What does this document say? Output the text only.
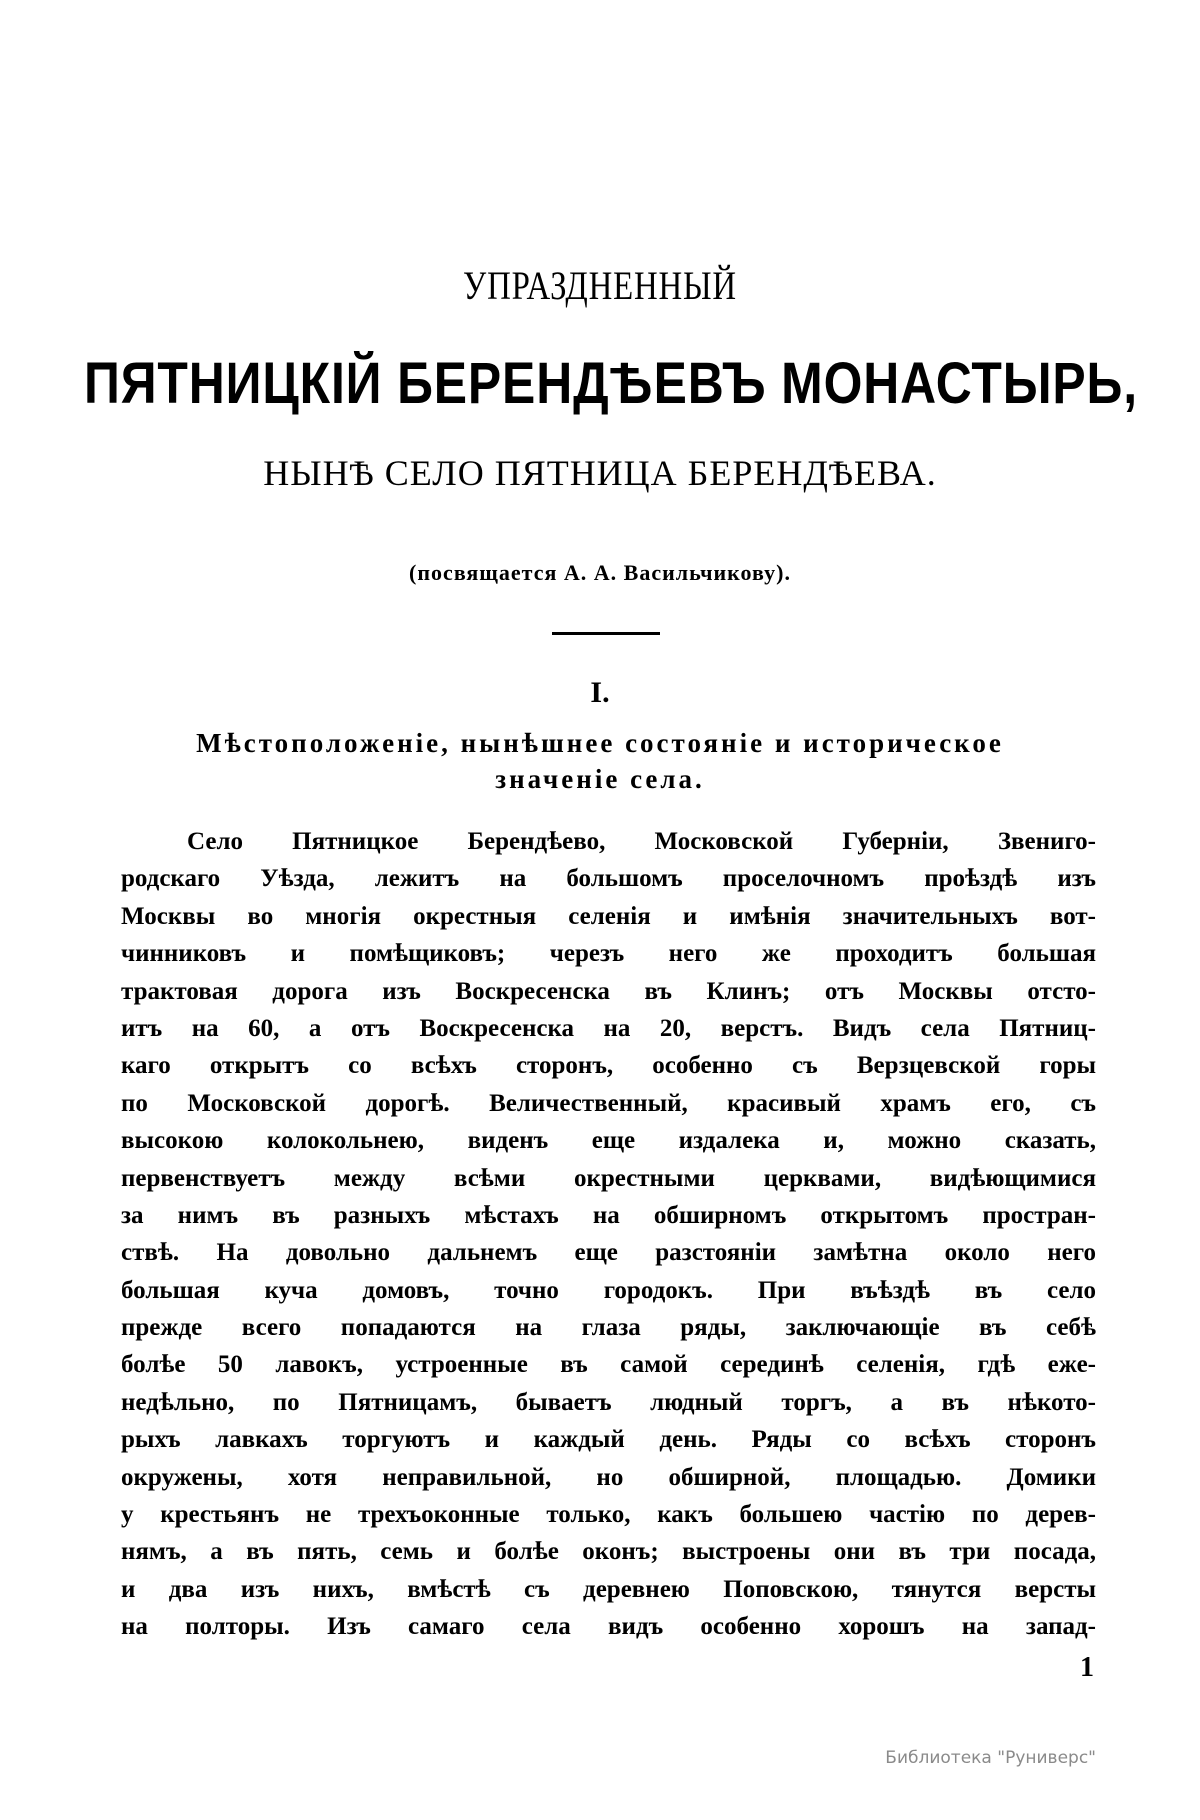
УПРАЗДНЕННЫЙ
ПЯТНИЦКІЙ БЕРЕНДѢЕВЪ МОНАСТЫРЬ,
НЫНѢ СЕЛО ПЯТНИЦА БЕРЕНДѢЕВА.
(посвящается А. А. Васильчикову).
I.
Мѣстоположеніе, нынѣшнее состояніе и историческое
значеніе села.
Село Пятницкое Берендѣево, Московской Губерніи, Звениго-
родскаго Уѣзда, лежитъ на большомъ проселочномъ проѣздѣ изъ
Москвы во многія окрестныя селенія и имѣнія значительныхъ вот-
чинниковъ и помѣщиковъ; черезъ него же проходитъ большая
трактовая дорога изъ Воскресенска въ Клинъ; отъ Москвы отсто-
итъ на 60, а отъ Воскресенска на 20, верстъ. Видъ села Пятниц-
каго открытъ со всѣхъ сторонъ, особенно съ Верзцевской горы
по Московской дорогѣ. Величественный, красивый храмъ его, съ
высокою колокольнею, виденъ еще издалека и, можно сказать,
первенствуетъ между всѣми окрестными церквами, видѣющимися
за нимъ въ разныхъ мѣстахъ на обширномъ открытомъ простран-
ствѣ. На довольно дальнемъ еще разстояніи замѣтна около него
большая куча домовъ, точно городокъ. При въѣздѣ въ село
прежде всего попадаются на глаза ряды, заключающіе въ себѣ
болѣе 50 лавокъ, устроенные въ самой серединѣ селенія, гдѣ еже-
недѣльно, по Пятницамъ, бываетъ людный торгъ, а въ нѣкото-
рыхъ лавкахъ торгуютъ и каждый день. Ряды со всѣхъ сторонъ
окружены, хотя неправильной, но обширной, площадью. Домики
у крестьянъ не трехъоконные только, какъ большею частію по дерев-
нямъ, а въ пять, семь и болѣе оконъ; выстроены они въ три посада,
и два изъ нихъ, вмѣстѣ съ деревнею Поповскою, тянутся версты
на полторы. Изъ самаго села видъ особенно хорошъ на запад-
1
Библиотека "Руниверс"
